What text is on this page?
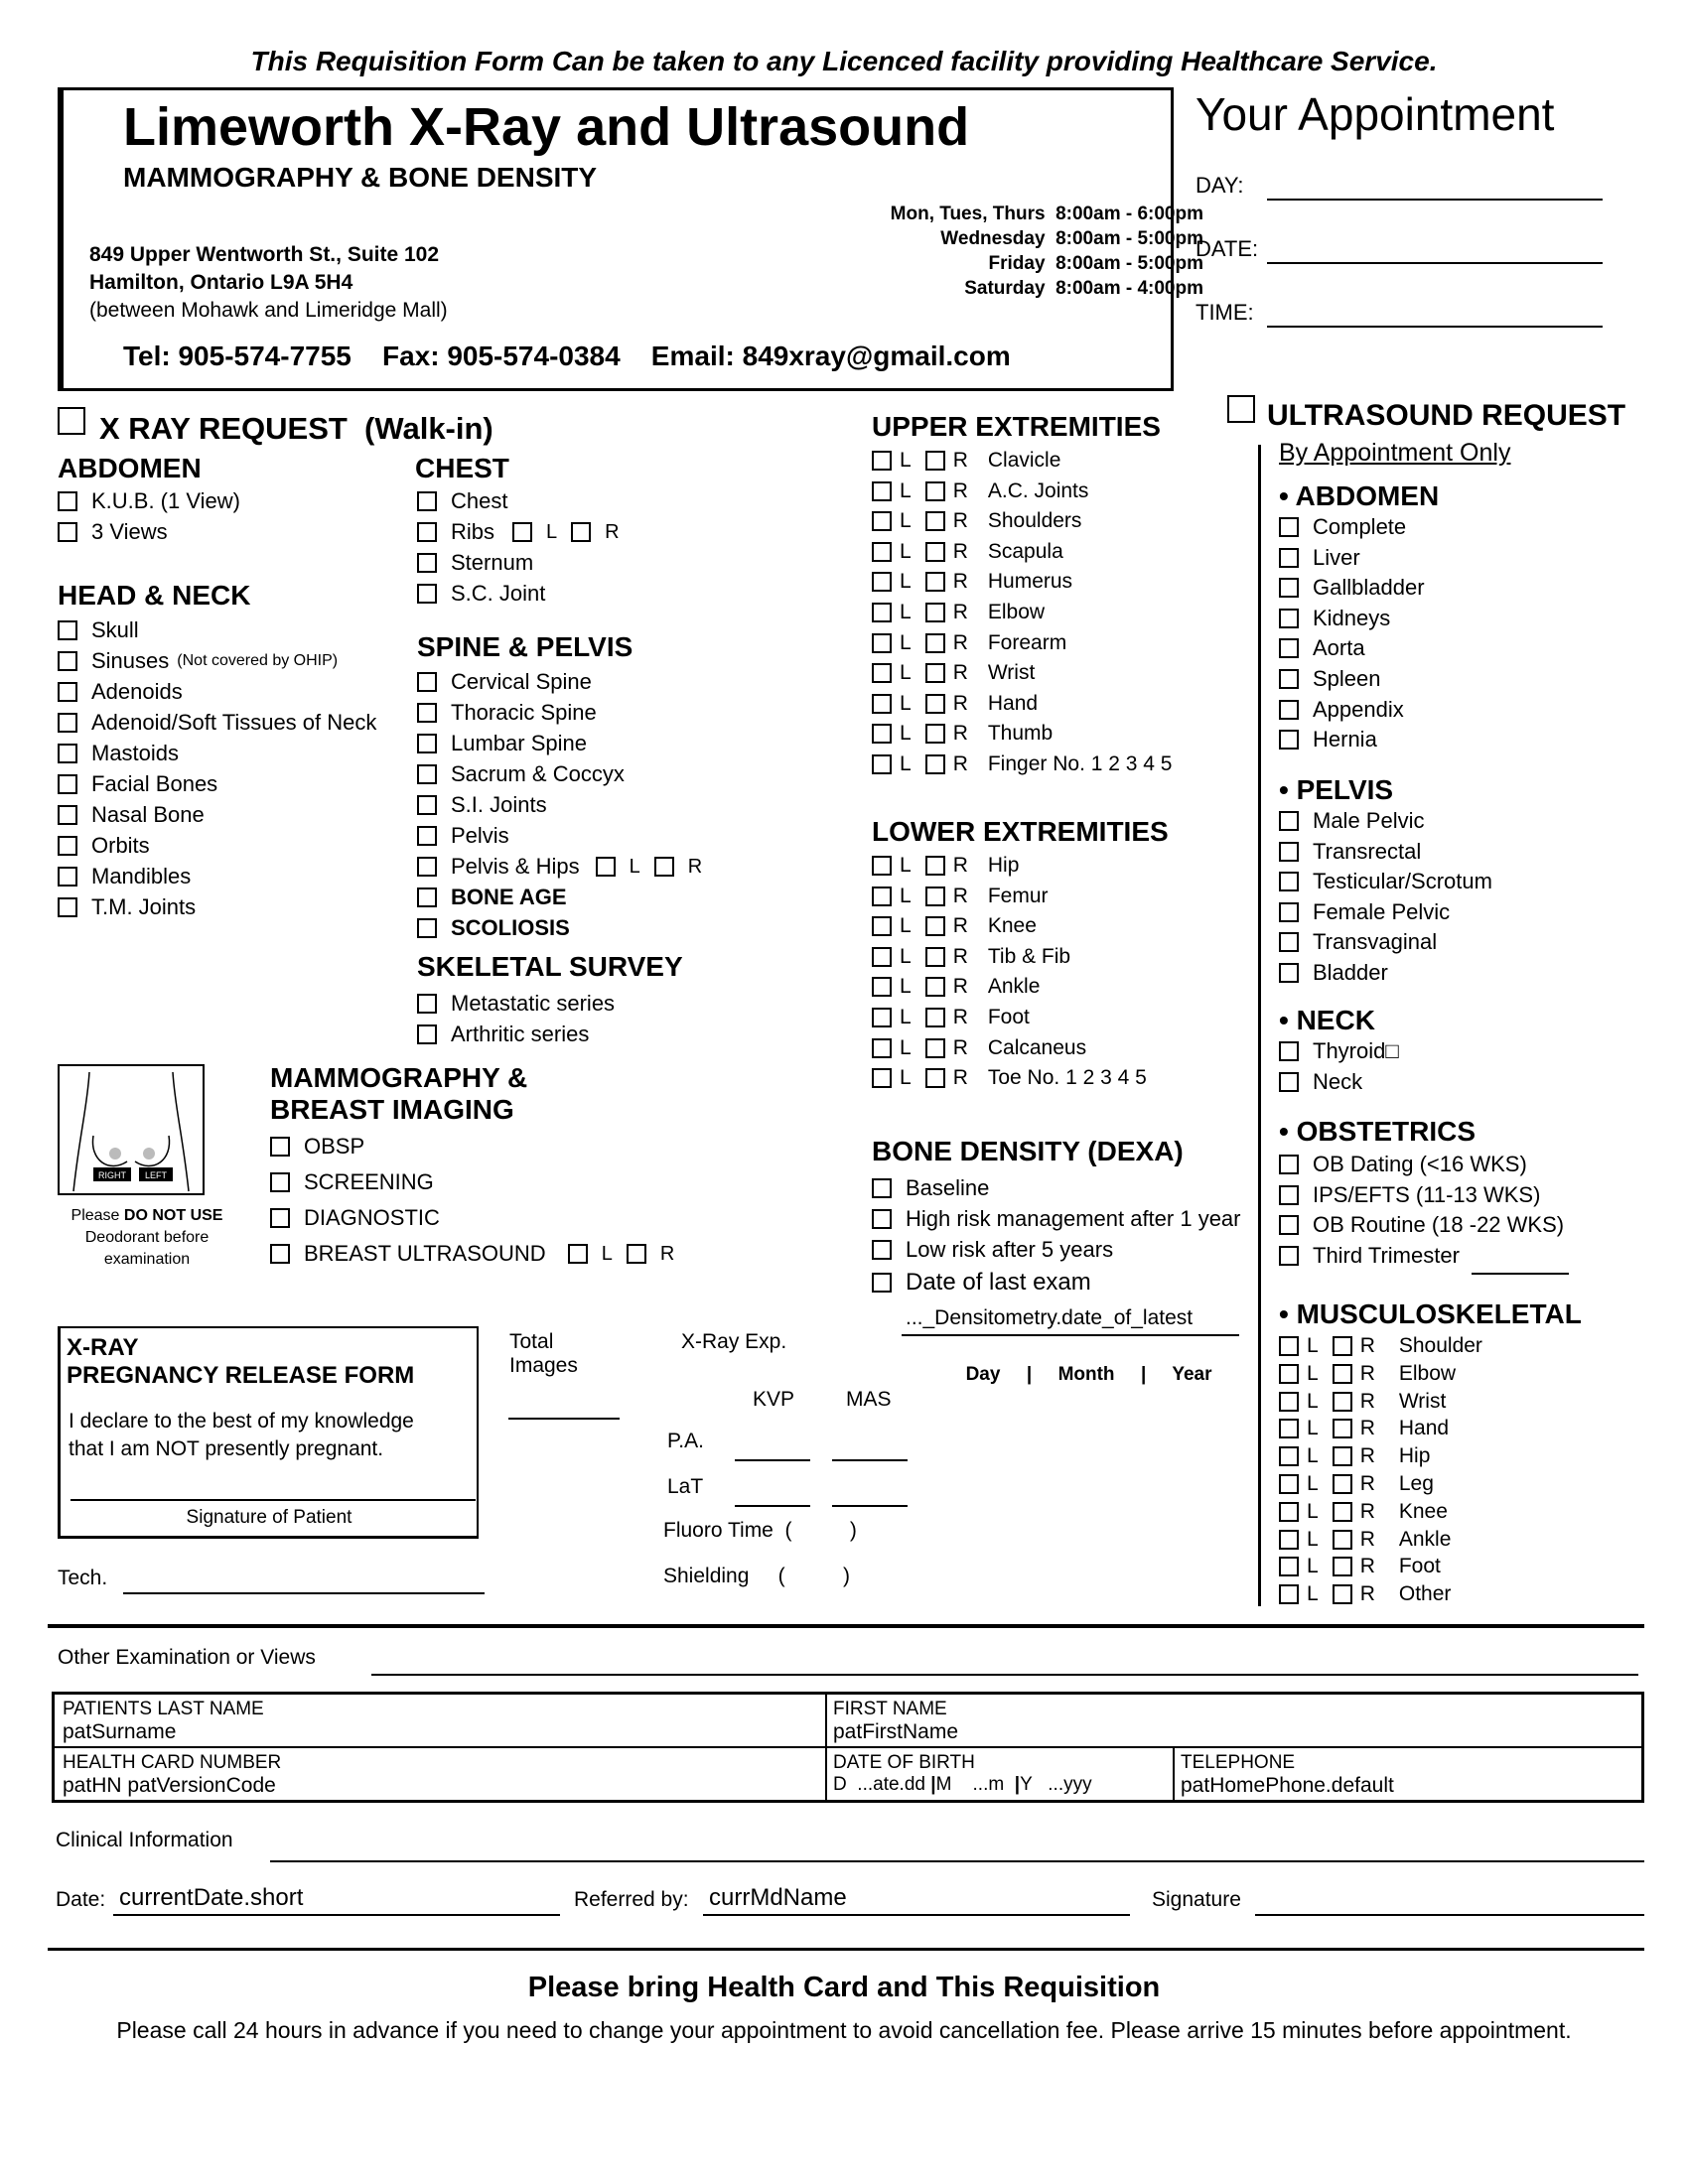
This Requisition Form Can be taken to any Licenced facility providing Healthcare Service.
Limeworth X-Ray and Ultrasound
MAMMOGRAPHY & BONE DENSITY
Mon, Tues, Thurs 8:00am - 6:00pm
Wednesday 8:00am - 5:00pm
Friday 8:00am - 5:00pm
Saturday 8:00am - 4:00pm
849 Upper Wentworth St., Suite 102
Hamilton, Ontario L9A 5H4
(between Mohawk and Limeridge Mall)
Tel: 905-574-7755    Fax: 905-574-0384    Email: 849xray@gmail.com
Your Appointment
DAY:
DATE:
TIME:
X RAY REQUEST  (Walk-in)
ABDOMEN
K.U.B. (1 View)
3 Views
HEAD & NECK
Skull
Sinuses (Not covered by OHIP)
Adenoids
Adenoid/Soft Tissues of Neck
Mastoids
Facial Bones
Nasal Bone
Orbits
Mandibles
T.M. Joints
CHEST
Chest
Ribs	L R
Sternum
S.C. Joint
SPINE & PELVIS
Cervical Spine
Thoracic Spine
Lumbar Spine
Sacrum & Coccyx
S.I. Joints
Pelvis
Pelvis & Hips	L R
BONE AGE
SCOLIOSIS
SKELETAL SURVEY
Metastatic series
Arthritic series
UPPER EXTREMITIES
L R Clavicle
L R A.C. Joints
L R Shoulders
L R Scapula
L R Humerus
L R Elbow
L R Forearm
L R Wrist
L R Hand
L R Thumb
L R Finger No. 1 2 3 4 5
LOWER EXTREMITIES
L R Hip
L R Femur
L R Knee
L R Tib & Fib
L R Ankle
L R Foot
L R Calcaneus
L R Toe No. 1 2 3 4 5
RIGHT LEFT
Please DO NOT USE
Deodorant before
examination
MAMMOGRAPHY &
BREAST IMAGING
OBSP
SCREENING
DIAGNOSTIC
BREAST ULTRASOUND	L R
BONE DENSITY (DEXA)
Baseline
High risk management after 1 year
Low risk after 5 years
Date of last exam
..._Densitometry.date_of_latest

Day | Month | Year

ULTRASOUND REQUEST
By Appointment Only
• ABDOMEN
Complete
Liver
Gallbladder
Kidneys
Aorta
Spleen
Appendix
Hernia
• PELVIS
Male Pelvic
Transrectal
Testicular/Scrotum
Female Pelvic
Transvaginal
Bladder
• NECK
Thyroid□
Neck
• OBSTETRICS
OB Dating (<16 WKS)
IPS/EFTS (11-13 WKS)
OB Routine (18 -22 WKS)
Third Trimester
• MUSCULOSKELETAL
L R Shoulder
L R Elbow
L R Wrist
L R Hand
L R Hip
L R Leg
L R Knee
L R Ankle
L R Foot
L R Other
X-RAY
PREGNANCY RELEASE FORM
I declare to the best of my knowledge
that I am NOT presently pregnant.
Signature of Patient
Tech.
Total
Images
X-Ray Exp.
KVP MAS
P.A.
LaT
Fluoro Time (	)
Shielding (	)
Other Examination or Views
PATIENTS LAST NAME
patSurname
FIRST NAME
patFirstName
HEALTH CARD NUMBER
patHN patVersionCode
DATE OF BIRTH
D ...ate.dd |M ...m |Y ...yyy
TELEPHONE
patHomePhone.default
Clinical Information
Date: currentDate.short	Referred by: currMdName	Signature
Please bring Health Card and This Requisition
Please call 24 hours in advance if you need to change your appointment to avoid cancellation fee. Please arrive 15 minutes before appointment.
